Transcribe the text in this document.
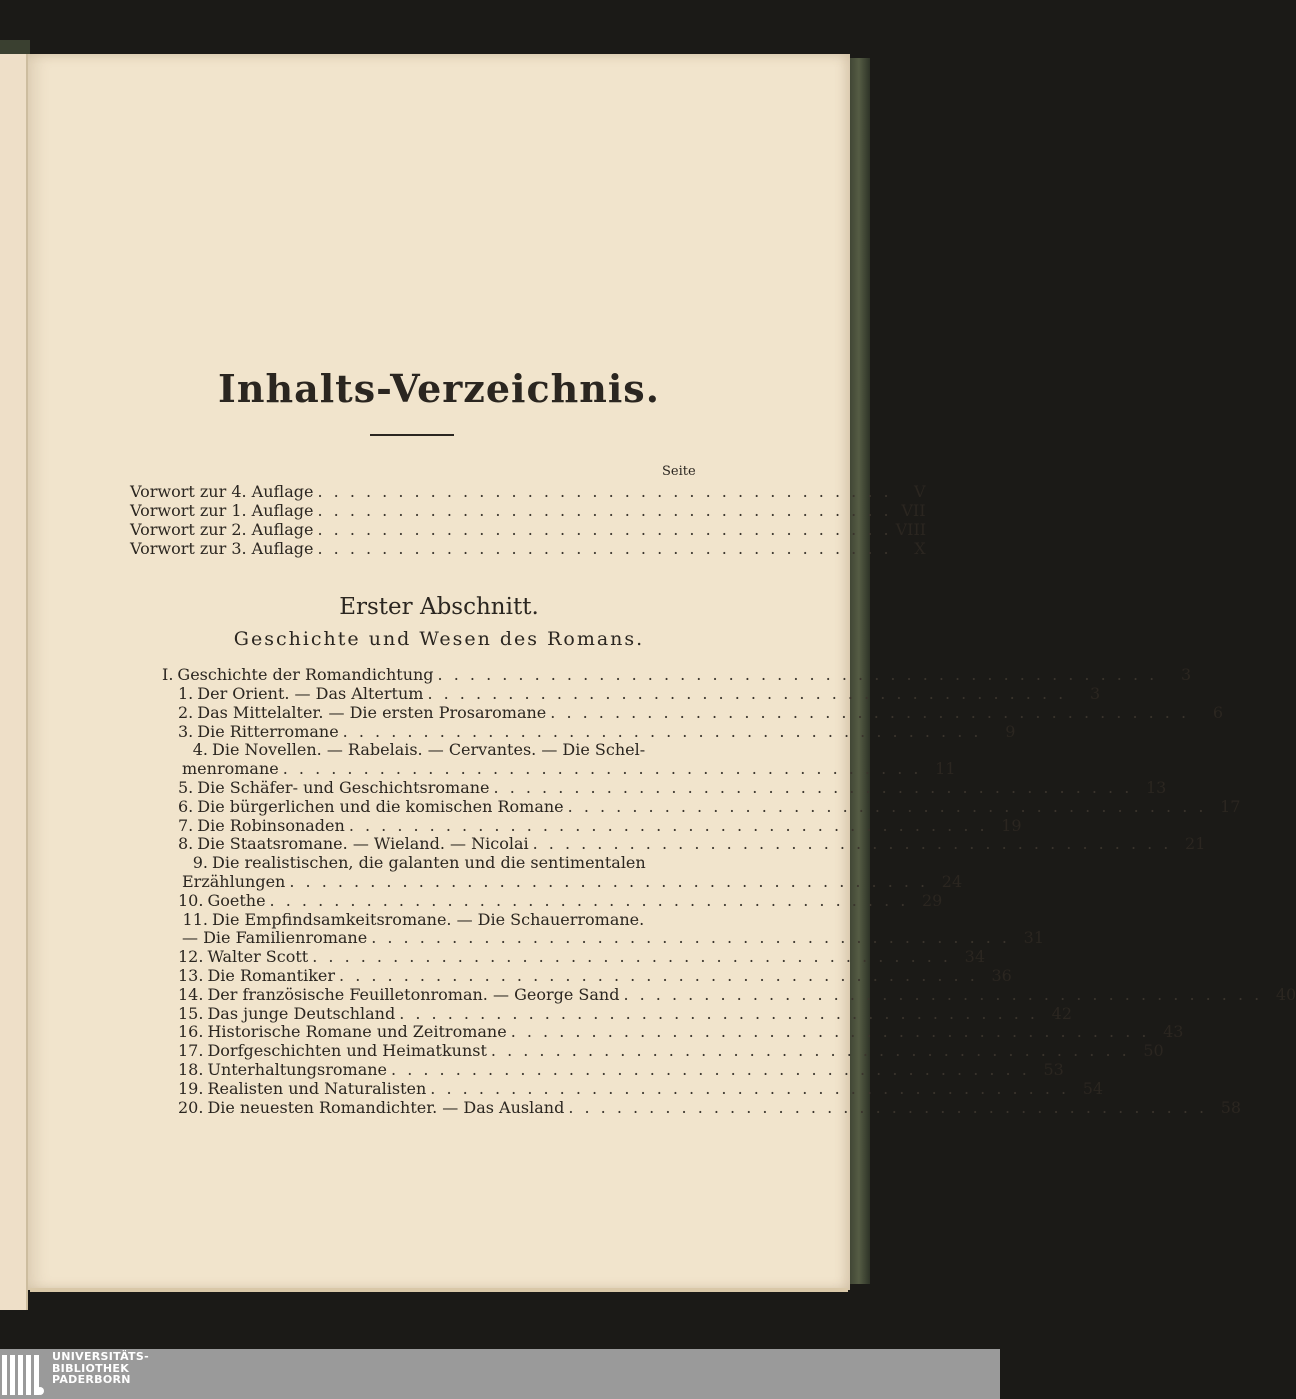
Inhalts-Verzeichnis.
Seite
Vorwort zur 4. Auflage . . . . . . . . . . . . . . . . . . . . . . . . . . . . . . . . . . . .	V
Vorwort zur 1. Auflage . . . . . . . . . . . . . . . . . . . . . . . . . . . . . . . . . . . . VII
Vorwort zur 2. Auflage . . . . . . . . . . . . . . . . . . . . . . . . . . . . . . . . . . . . VIII
Vorwort zur 3. Auflage . . . . . . . . . . . . . . . . . . . . . . . . . . . . . . . . . . . .	X
Erster Abschnitt.
Geschichte und Wesen des Romans.
I. Geschichte der Romandichtung . . . . . . . . . . . . . . . . . . . . . . . . . . . . . . . . . . . . . . . . . . . . .	3
1. Der Orient. — Das Altertum . . . . . . . . . . . . . . . . . . . . . . . . . . . . . . . . . . . . . . . .	3
2. Das Mittelalter. — Die ersten Prosaromane . . . . . . . . . . . . . . . . . . . . . . . . . . . . . . . . . . . . . . . .	6
3. Die Ritterromane . . . . . . . . . . . . . . . . . . . . . . . . . . . . . . . . . . . . . . . .	9
4. Die Novellen. — Rabelais. — Cervantes. — Die Schel-
menromane . . . . . . . . . . . . . . . . . . . . . . . . . . . . . . . . . . . . . . . . 11
5. Die Schäfer- und Geschichtsromane . . . . . . . . . . . . . . . . . . . . . . . . . . . . . . . . . . . . . . . . 13
6. Die bürgerlichen und die komischen Romane . . . . . . . . . . . . . . . . . . . . . . . . . . . . . . . . . . . . . . . . 17
7. Die Robinsonaden . . . . . . . . . . . . . . . . . . . . . . . . . . . . . . . . . . . . . . . . 19
8. Die Staatsromane. — Wieland. — Nicolai . . . . . . . . . . . . . . . . . . . . . . . . . . . . . . . . . . . . . . . . 21
9. Die realistischen, die galanten und die sentimentalen
Erzählungen . . . . . . . . . . . . . . . . . . . . . . . . . . . . . . . . . . . . . . . . 24
10. Goethe . . . . . . . . . . . . . . . . . . . . . . . . . . . . . . . . . . . . . . . . 29
11. Die Empfindsamkeitsromane. — Die Schauerromane.
— Die Familienromane . . . . . . . . . . . . . . . . . . . . . . . . . . . . . . . . . . . . . . . . 31
12. Walter Scott . . . . . . . . . . . . . . . . . . . . . . . . . . . . . . . . . . . . . . . . 34
13. Die Romantiker . . . . . . . . . . . . . . . . . . . . . . . . . . . . . . . . . . . . . . . . 36
14. Der französische Feuilletonroman. — George Sand . . . . . . . . . . . . . . . . . . . . . . . . . . . . . . . . . . . . . . . . 40
15. Das junge Deutschland . . . . . . . . . . . . . . . . . . . . . . . . . . . . . . . . . . . . . . . . 42
16. Historische Romane und Zeitromane . . . . . . . . . . . . . . . . . . . . . . . . . . . . . . . . . . . . . . . . 43
17. Dorfgeschichten und Heimatkunst . . . . . . . . . . . . . . . . . . . . . . . . . . . . . . . . . . . . . . . . 50
18. Unterhaltungsromane . . . . . . . . . . . . . . . . . . . . . . . . . . . . . . . . . . . . . . . . 53
19. Realisten und Naturalisten . . . . . . . . . . . . . . . . . . . . . . . . . . . . . . . . . . . . . . . . 54
20. Die neuesten Romandichter. — Das Ausland . . . . . . . . . . . . . . . . . . . . . . . . . . . . . . . . . . . . . . . . 58
UNIVERSITÄTS-
BIBLIOTHEK
PADERBORN
